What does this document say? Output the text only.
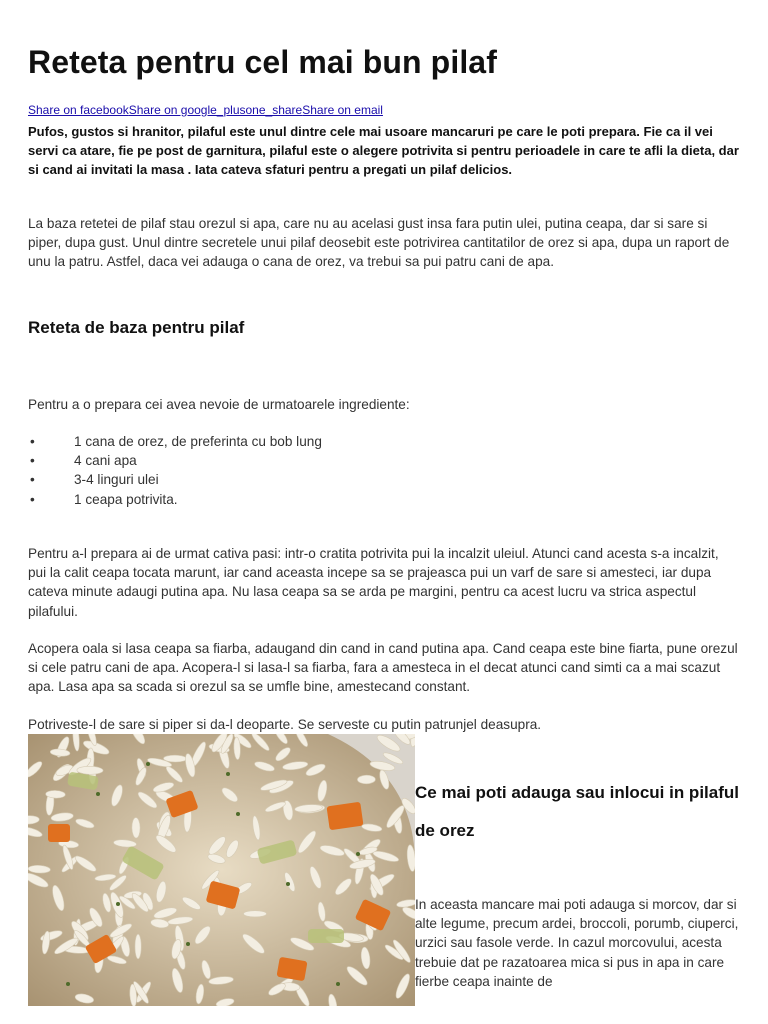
Reteta pentru cel mai bun pilaf
Share on facebookShare on google_plusone_shareShare on email

Pufos, gustos si hranitor, pilaful este unul dintre cele mai usoare mancaruri pe care le poti prepara. Fie ca il vei servi ca atare, fie pe post de garnitura, pilaful este o alegere potrivita si pentru perioadele in care te afli la dieta, dar si cand ai invitati la masa . Iata cateva sfaturi pentru a pregati un pilaf delicios.

La baza retetei de pilaf stau orezul si apa, care nu au acelasi gust insa fara putin ulei, putina ceapa, dar si sare si piper, dupa gust. Unul dintre secretele unui pilaf deosebit este potrivirea cantitatilor de orez si apa, dupa un raport de unu la patru. Astfel, daca vei adauga o cana de orez, va trebui sa pui patru cani de apa.

Reteta de baza pentru pilaf

Pentru a o prepara cei avea nevoie de urmatoarele ingrediente:

•	1 cana de orez, de preferinta cu bob lung
•	4 cani apa
•	3-4 linguri ulei
•	1 ceapa potrivita.

Pentru a-l prepara ai de urmat cativa pasi: intr-o cratita potrivita pui la incalzit uleiul. Atunci cand acesta s-a incalzit, pui la calit ceapa tocata marunt, iar cand aceasta incepe sa se prajeasca pui un varf de sare si amesteci, iar dupa cateva minute adaugi putina apa. Nu lasa ceapa sa se arda pe margini, pentru ca acest lucru va strica aspectul pilafului.

Acopera oala si lasa ceapa sa fiarba, adaugand din cand in cand putina apa. Cand ceapa este bine fiarta, pune orezul si cele patru cani de apa. Acopera-l si lasa-l sa fiarba, fara a amestecа in el decat atunci cand simti ca a mai scazut apa. Lasa apa sa scada si orezul sa se umfle bine, amestecand constant.

Potriveste-l de sare si piper si da-l deoparte. Se serveste cu putin patrunjel deasupra.

Ce mai poti adauga sau inlocui in pilaful de orez

In aceasta mancare mai poti adauga si morcov, dar si alte legume, precum ardei, broccoli, porumb, ciuperci, urzici sau fasole verde. In cazul morcovului, acesta trebuie dat pe razatoarea mica si pus in apa in care fierbe ceapa inainte de
